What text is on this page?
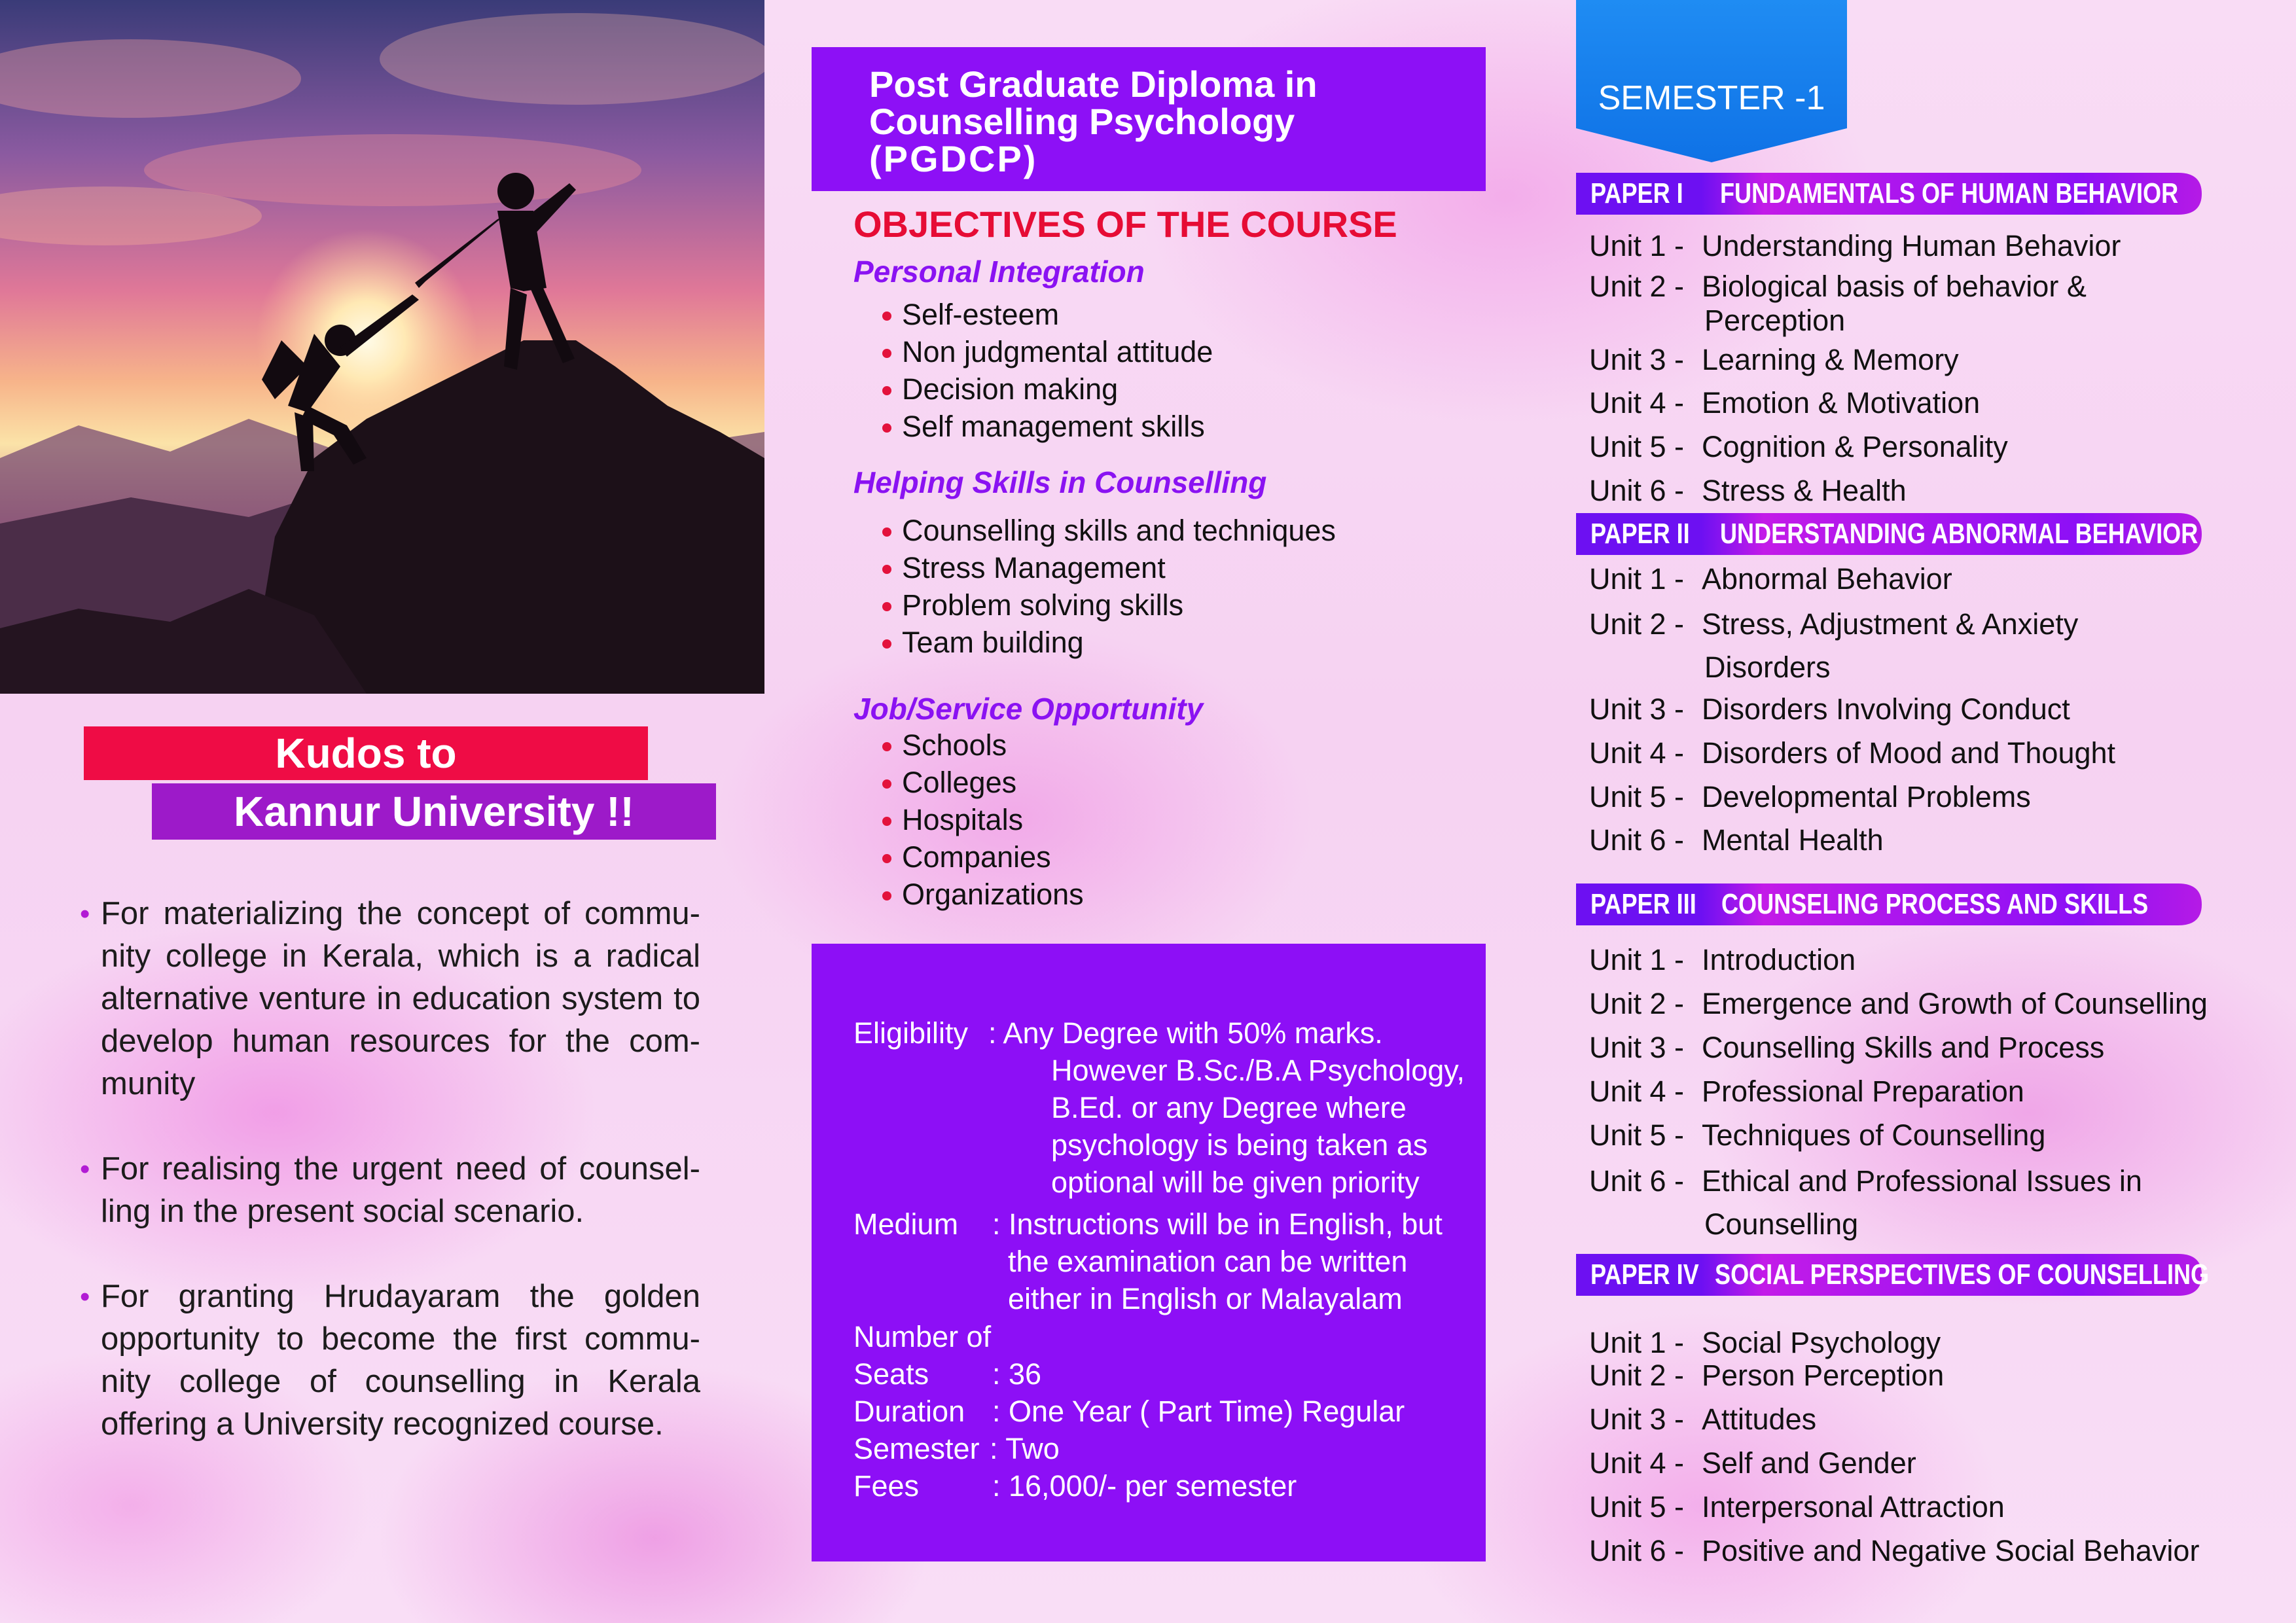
Kudos to
Kannur University !!
• For materializing the concept of commu- nity college in Kerala, which is a radical alternative venture in education system to develop human resources for the com- munity
• For realising the urgent need of counsel- ling in the present social scenario.
• For granting Hrudayaram the golden opportunity to become the first commu- nity college of counselling in Kerala offering a University recognized course.
Post Graduate Diploma in
Counselling Psychology
(PGDCP)
OBJECTIVES OF THE COURSE
Personal Integration
Self-esteem
Non judgmental attitude
Decision making
Self management skills
Helping Skills in Counselling
Counselling skills and techniques
Stress Management
Problem solving skills
Team building
Job/Service Opportunity
Schools
Colleges
Hospitals
Companies
Organizations
Eligibility : Any Degree with 50% marks.
However B.Sc./B.A Psychology,
B.Ed. or any Degree where
psychology is being taken as
optional will be given priority
Medium : Instructions will be in English, but
the examination can be written
either in English or Malayalam
Number of
Seats : 36
Duration : One Year ( Part Time) Regular
Semester : Two
Fees : 16,000/- per semester
SEMESTER -1
PAPER I FUNDAMENTALS OF HUMAN BEHAVIOR
PAPER II UNDERSTANDING ABNORMAL BEHAVIOR
PAPER III COUNSELING PROCESS AND SKILLS
PAPER IV SOCIAL PERSPECTIVES OF COUNSELLING
Unit 1 - Understanding Human Behavior
Unit 2 - Biological basis of behavior &
Perception
Unit 3 - Learning & Memory
Unit 4 - Emotion & Motivation
Unit 5 - Cognition & Personality
Unit 6 - Stress & Health
Unit 1 - Abnormal Behavior
Unit 2 - Stress, Adjustment & Anxiety
Disorders
Unit 3 - Disorders Involving Conduct
Unit 4 - Disorders of Mood and Thought
Unit 5 - Developmental Problems
Unit 6 - Mental Health
Unit 1 - Introduction
Unit 2 - Emergence and Growth of Counselling
Unit 3 - Counselling Skills and Process
Unit 4 - Professional Preparation
Unit 5 - Techniques of Counselling
Unit 6 - Ethical and Professional Issues in
Counselling
Unit 1 - Social Psychology
Unit 2 - Person Perception
Unit 3 - Attitudes
Unit 4 - Self and Gender
Unit 5 - Interpersonal Attraction
Unit 6 - Positive and Negative Social Behavior
